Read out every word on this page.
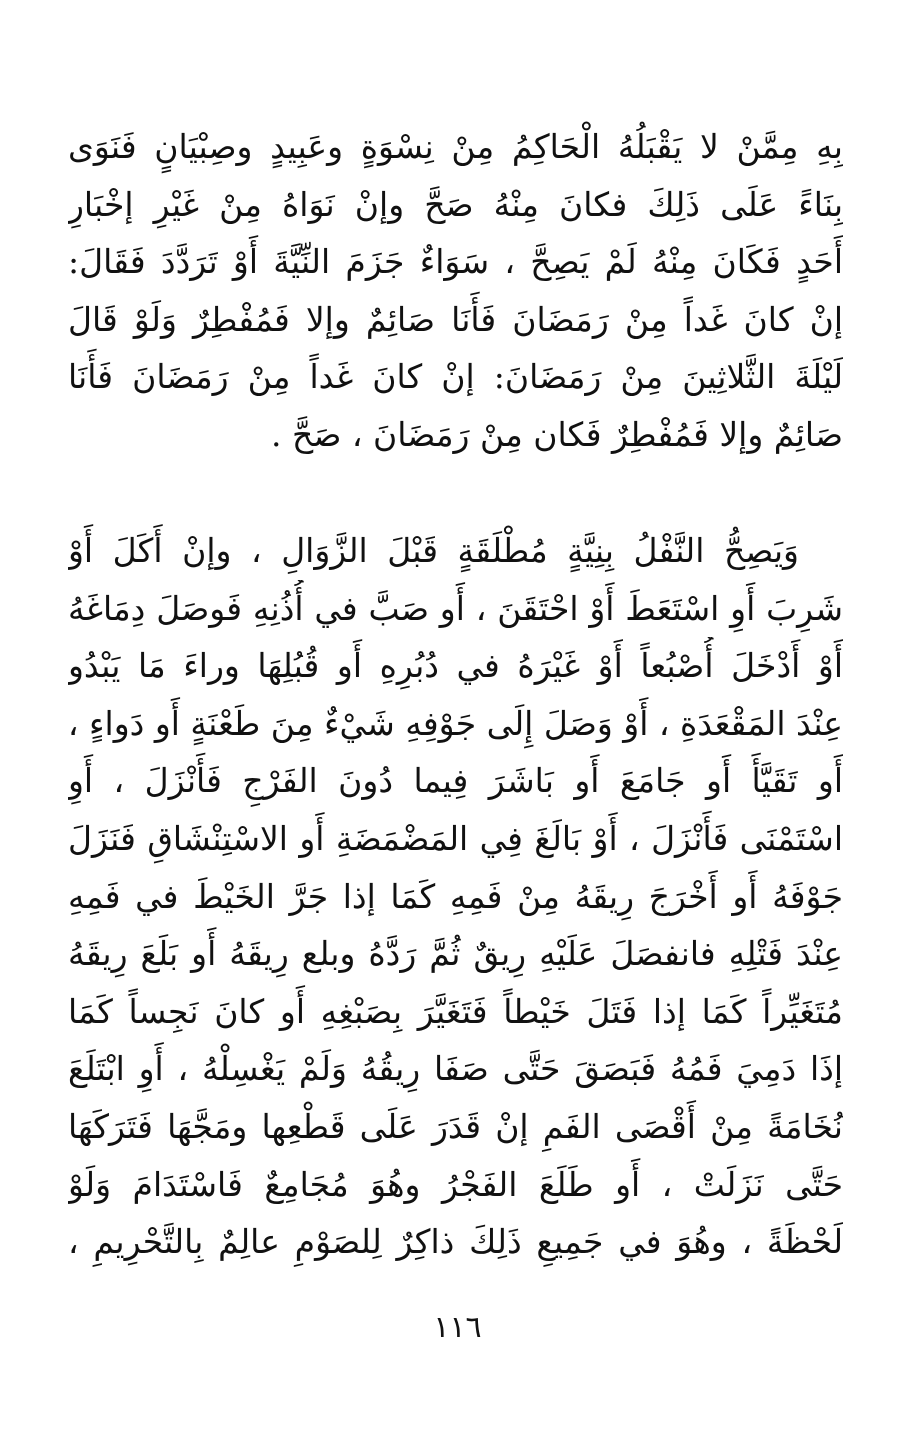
بِهِ مِمَّنْ لا يَقْبَلُهُ الْحَاكِمُ مِنْ نِسْوَةٍ وعَبِيدٍ وصِبْيَانٍ فَنَوَى
بِنَاءً عَلَى ذَلِكَ فكانَ مِنْهُ صَحَّ وإنْ نَوَاهُ مِنْ غَيْرِ إخْبَارِ
أَحَدٍ فَكَانَ مِنْهُ لَمْ يَصِحَّ ، سَوَاءٌ جَزَمَ النِّيَّةَ أَوْ تَرَدَّدَ فَقَالَ:
إنْ كانَ غَداً مِنْ رَمَضَانَ فَأَنَا صَائِمٌ وإلا فَمُفْطِرٌ وَلَوْ قَالَ
لَيْلَةَ الثَّلاثِينَ مِنْ رَمَضَانَ: إنْ كانَ غَداً مِنْ رَمَضَانَ فَأَنَا
صَائِمٌ وإلا فَمُفْطِرٌ فَكان مِنْ رَمَضَانَ ، صَحَّ .
وَيَصِحُّ النَّفْلُ بِنِيَّةٍ مُطْلَقَةٍ قَبْلَ الزَّوَالِ ، وإنْ أَكَلَ أَوْ
شَرِبَ أَوِ اسْتَعَطَ أَوْ احْتَقَنَ ، أَو صَبَّ في أُذُنِهِ فَوصَلَ دِمَاغَهُ
أَوْ أَدْخَلَ أُصْبُعاً أَوْ غَيْرَهُ في دُبُرِهِ أَو قُبُلِهَا وراءَ مَا يَبْدُو
عِنْدَ المَقْعَدَةِ ، أَوْ وَصَلَ إِلَى جَوْفِهِ شَيْءٌ مِنَ طَعْنَةٍ أَو دَواءٍ ،
أَو تَقَيَّأَ أَو جَامَعَ أَو بَاشَرَ فِيما دُونَ الفَرْجِ فَأَنْزَلَ ، أَوِ
اسْتَمْنَى فَأَنْزَلَ ، أَوْ بَالَغَ فِي المَضْمَضَةِ أَو الاسْتِنْشَاقِ فَنَزَلَ
جَوْفَهُ أَو أَخْرَجَ رِيقَهُ مِنْ فَمِهِ كَمَا إذا جَرَّ الخَيْطَ في فَمِهِ
عِنْدَ فَتْلِهِ فانفصَلَ عَلَيْهِ رِيقٌ ثُمَّ رَدَّهُ وبلع رِيقَهُ أَو بَلَعَ رِيقَهُ
مُتَغَيِّراً كَمَا إذا فَتَلَ خَيْطاً فَتَغَيَّرَ بِصَبْغِهِ أَو كانَ نَجِساً كَمَا
إذَا دَمِيَ فَمُهُ فَبَصَقَ حَتَّى صَفَا رِيقُهُ وَلَمْ يَغْسِلْهُ ، أَوِ ابْتَلَعَ
نُخَامَةً مِنْ أَقْصَى الفَمِ إنْ قَدَرَ عَلَى قَطْعِها ومَجَّهَا فَتَرَكَهَا
حَتَّى نَزَلَتْ ، أَو طَلَعَ الفَجْرُ وهُوَ مُجَامِعٌ فَاسْتَدَامَ وَلَوْ
لَحْظَةً ، وهُوَ في جَمِيعِ ذَلِكَ ذاكِرٌ لِلصَوْمِ عالِمٌ بِالتَّحْرِيمِ ،
١١٦
